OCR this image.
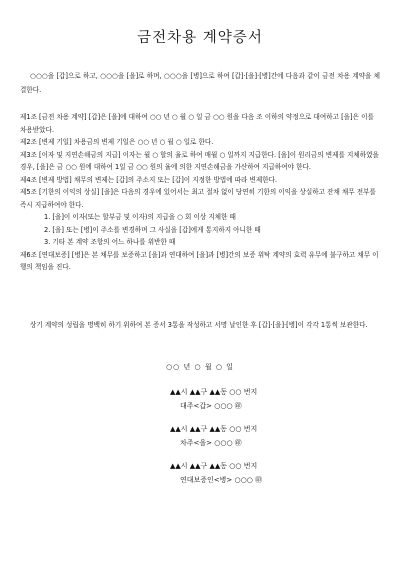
금전차용 계약증서
○○○을 [갑]으로 하고, ○○○을 [을]로 하며, ○○○을 [병]으로 하여 [갑]·[을]·[병]간에 다음과 같이 금전 차용 계약을 체결한다.
제1조 [금전 차용 계약] [갑]은 [을]에 대하여 ○○ 년 ○ 월 ○ 일 금 ○○ 원을 다음 조 이하의 약정으로 대여하고 [을]은 이를 차용받았다.
제2조 [변제 기일] 차용금의 변제 기일은 ○○ 년 ○ 월 ○ 일로 한다.
제3조 [이자 및 지연손해금의 지급] 이자는 월 ○ 할의 율로 하여 매월 ○ 일까지 지급한다. [을]이 원리금의 변제를 지체하였을 경우, [을]은 금 ○○ 원에 대하여 1일 금 ○○ 원의 율에 의한 지연손해금을 가산하여 지급하여야 한다.
제4조 [변제 방법] 채무의 변제는 [갑]의 주소지 또는 [갑]이 지정한 방법에 따라 변제한다.
제5조 [기한의 이익의 상실] [을]은 다음의 경우에 있어서는 최고 절차 없이 당연히 기한의 이익을 상실하고 잔채 채무 전부를 즉시 지급하여야 한다.
1. [을]이 이자(또는 할부금 및 이자)의 지급을 ○ 회 이상 지체한 때
2. [을] 또는 [병]이 주소를 변경하며 그 사실을 [갑]에게 통지하지 아니한 때
3. 기타 본 계약 조항의 어느 하나를 위반한 때
제6조 [연대보증] [병]은 본 채무를 보증하고 [을]과 연대하여 [을]과 [병]간의 보증 위탁 계약의 효력 유무에 불구하고 채무 이행의 책임을 진다.
상기 계약의 성립을 명백히 하기 위하여 본 증서 3통을 작성하고 서명 날인한 후 [갑]·[을]·[병]이 각각 1통씩 보관한다.
○○ 년 ○ 월 ○ 일
▲▲시 ▲▲구 ▲▲동 ○○ 번지
대주<갑> ○○○ ㊞
▲▲시 ▲▲구 ▲▲동 ○○ 번지
차주<을> ○○○ ㊞
▲▲시 ▲▲구 ▲▲동 ○○ 번지
연대보증인<병> ○○○ ㊞
